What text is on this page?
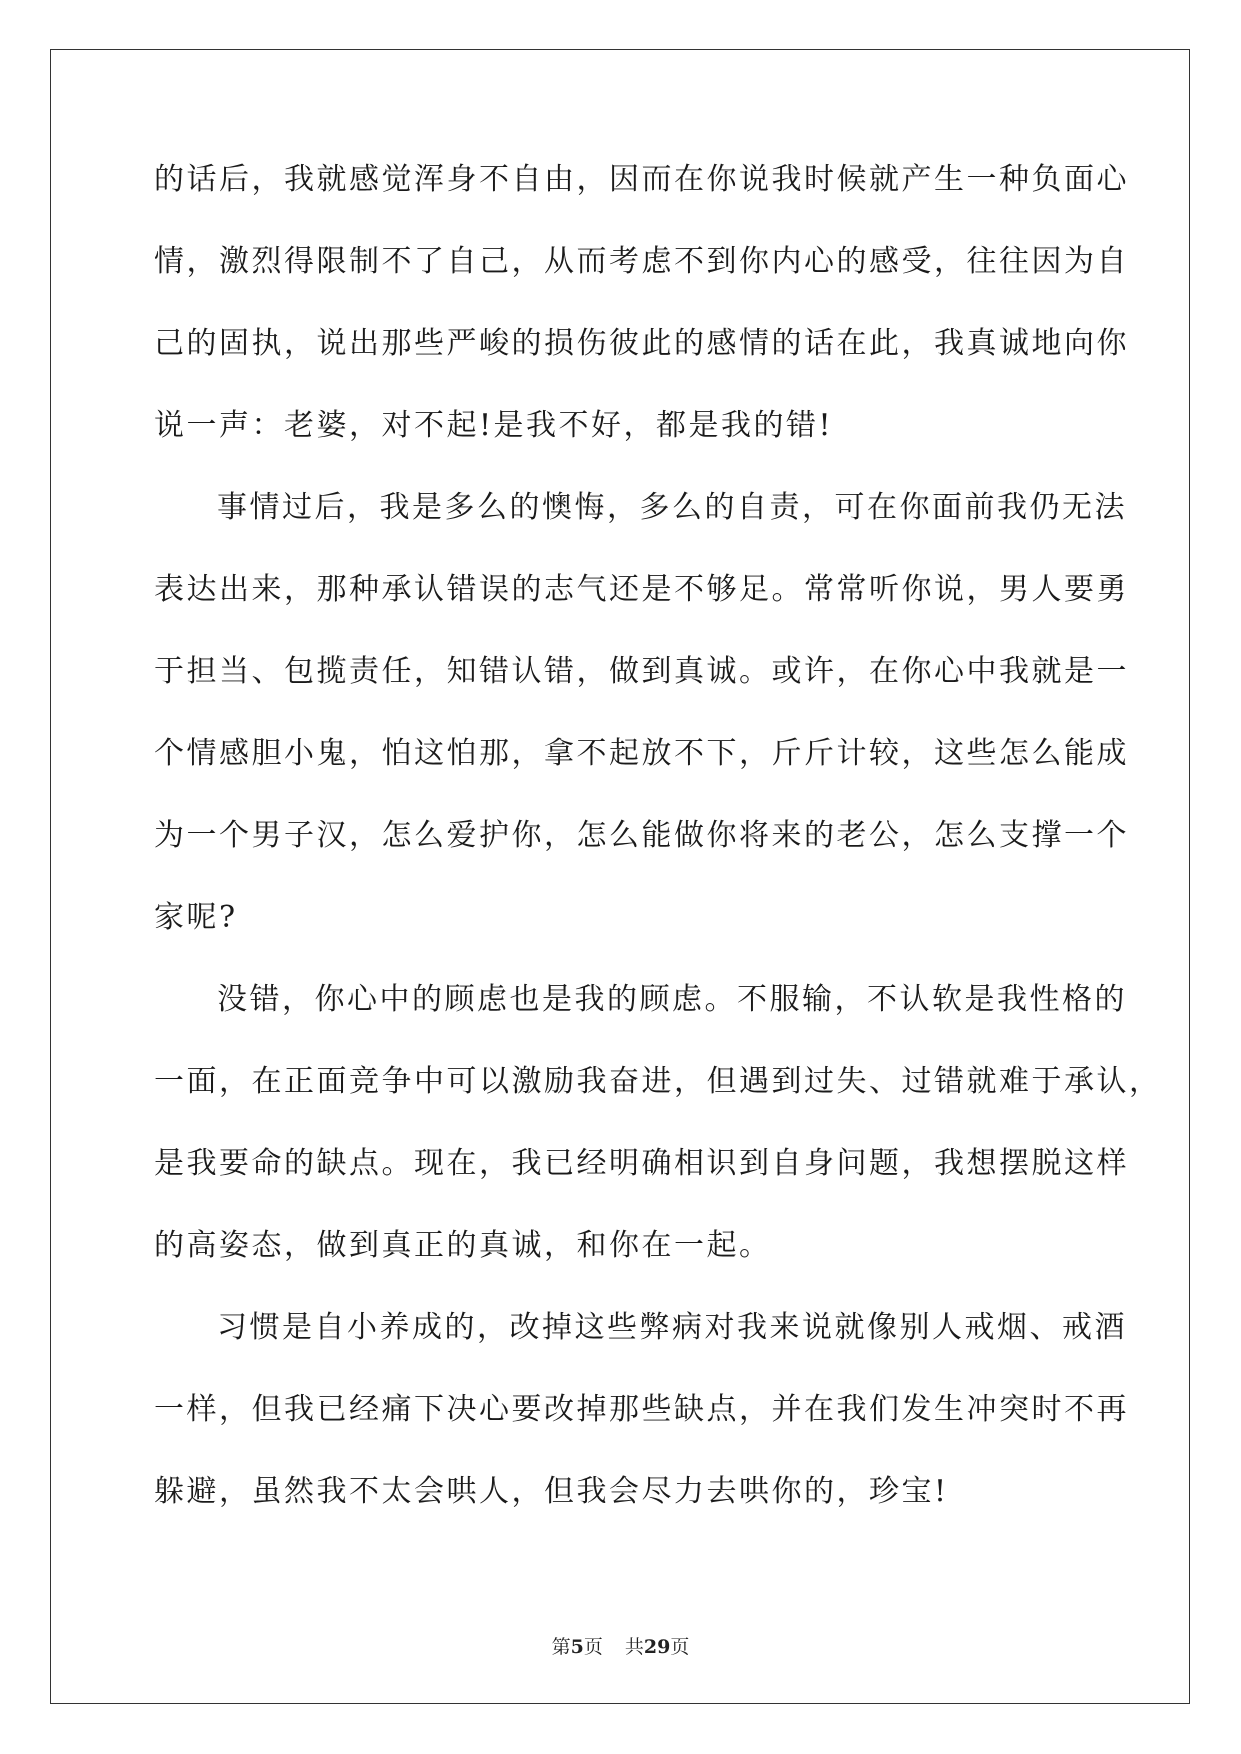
的话后，我就感觉浑身不自由，因而在你说我时候就产生一种负面心
情，激烈得限制不了自己，从而考虑不到你内心的感受，往往因为自
己的固执，说出那些严峻的损伤彼此的感情的话在此，我真诚地向你
说一声：老婆，对不起!是我不好，都是我的错!
事情过后，我是多么的懊悔，多么的自责，可在你面前我仍无法
表达出来，那种承认错误的志气还是不够足。常常听你说，男人要勇
于担当、包揽责任，知错认错，做到真诚。或许，在你心中我就是一
个情感胆小鬼，怕这怕那，拿不起放不下，斤斤计较，这些怎么能成
为一个男子汉，怎么爱护你，怎么能做你将来的老公，怎么支撑一个
家呢?
没错，你心中的顾虑也是我的顾虑。不服输，不认软是我性格的
一面，在正面竞争中可以激励我奋进，但遇到过失、过错就难于承认，
是我要命的缺点。现在，我已经明确相识到自身问题，我想摆脱这样
的高姿态，做到真正的真诚，和你在一起。
习惯是自小养成的，改掉这些弊病对我来说就像别人戒烟、戒酒
一样，但我已经痛下决心要改掉那些缺点，并在我们发生冲突时不再
躲避，虽然我不太会哄人，但我会尽力去哄你的，珍宝!
第5页 共29页
